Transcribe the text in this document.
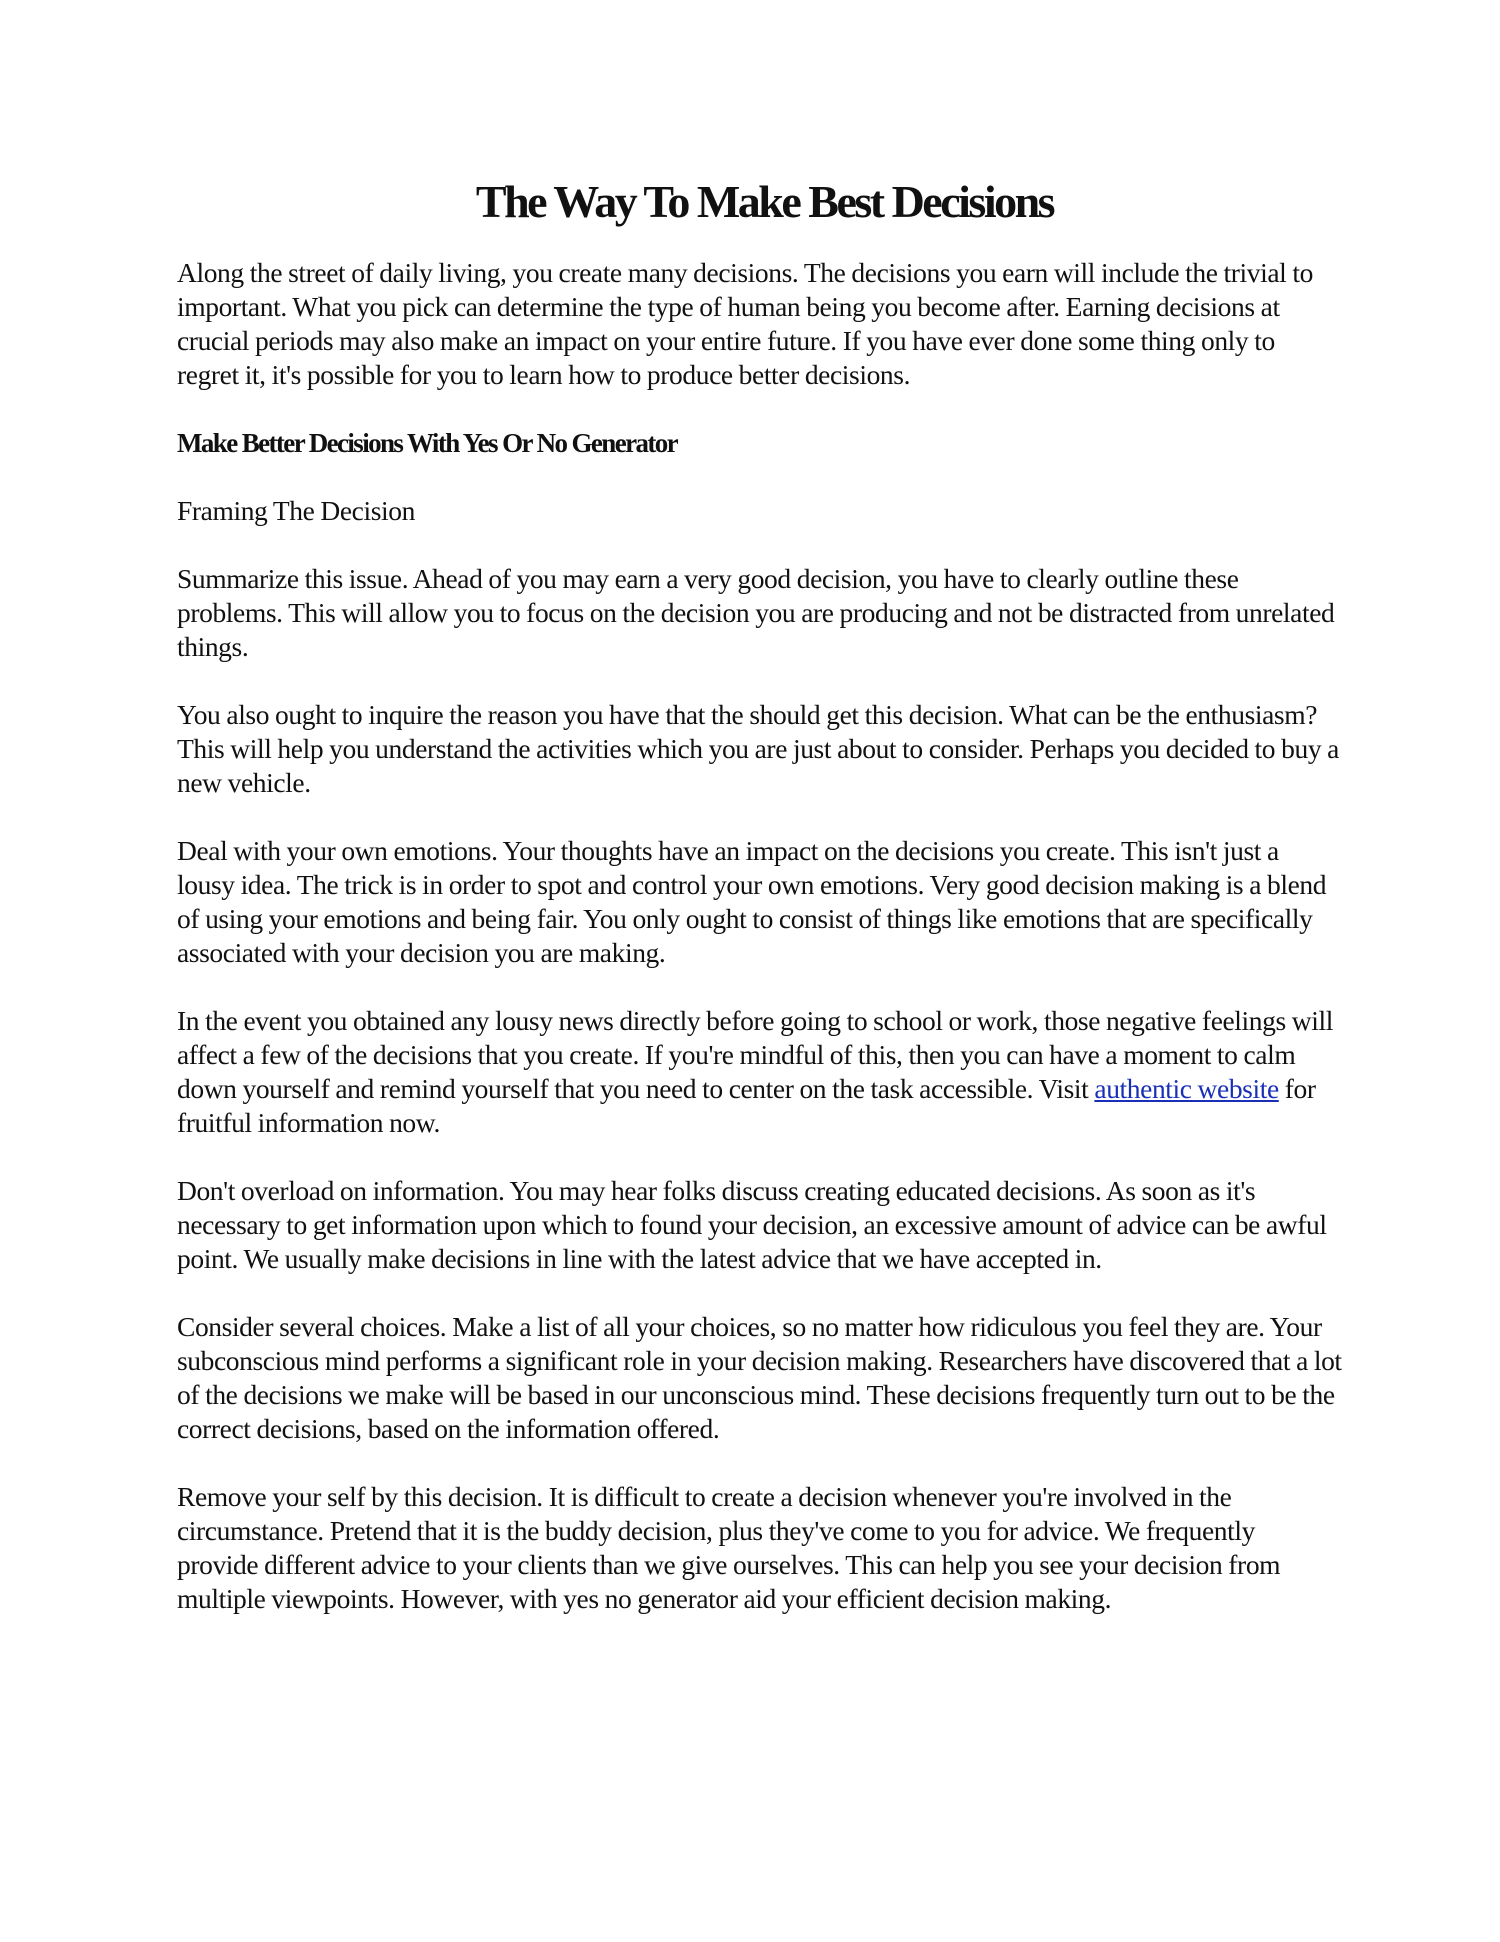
The Way To Make Best Decisions

Along the street of daily living, you create many decisions. The decisions you earn will include the trivial to important. What you pick can determine the type of human being you become after. Earning decisions at crucial periods may also make an impact on your entire future. If you have ever done some thing only to regret it, it's possible for you to learn how to produce better decisions.

Make Better Decisions With Yes Or No Generator

Framing The Decision

Summarize this issue. Ahead of you may earn a very good decision, you have to clearly outline these problems. This will allow you to focus on the decision you are producing and not be distracted from unrelated things.

You also ought to inquire the reason you have that the should get this decision. What can be the enthusiasm? This will help you understand the activities which you are just about to consider. Perhaps you decided to buy a new vehicle.

Deal with your own emotions. Your thoughts have an impact on the decisions you create. This isn't just a lousy idea. The trick is in order to spot and control your own emotions. Very good decision making is a blend of using your emotions and being fair. You only ought to consist of things like emotions that are specifically associated with your decision you are making.

In the event you obtained any lousy news directly before going to school or work, those negative feelings will affect a few of the decisions that you create. If you're mindful of this, then you can have a moment to calm down yourself and remind yourself that you need to center on the task accessible. Visit authentic website for fruitful information now.

Don't overload on information. You may hear folks discuss creating educated decisions. As soon as it's necessary to get information upon which to found your decision, an excessive amount of advice can be awful point. We usually make decisions in line with the latest advice that we have accepted in.

Consider several choices. Make a list of all your choices, so no matter how ridiculous you feel they are. Your subconscious mind performs a significant role in your decision making. Researchers have discovered that a lot of the decisions we make will be based in our unconscious mind. These decisions frequently turn out to be the correct decisions, based on the information offered.

Remove your self by this decision. It is difficult to create a decision whenever you're involved in the circumstance. Pretend that it is the buddy decision, plus they've come to you for advice. We frequently provide different advice to your clients than we give ourselves. This can help you see your decision from multiple viewpoints. However, with yes no generator aid your efficient decision making.
